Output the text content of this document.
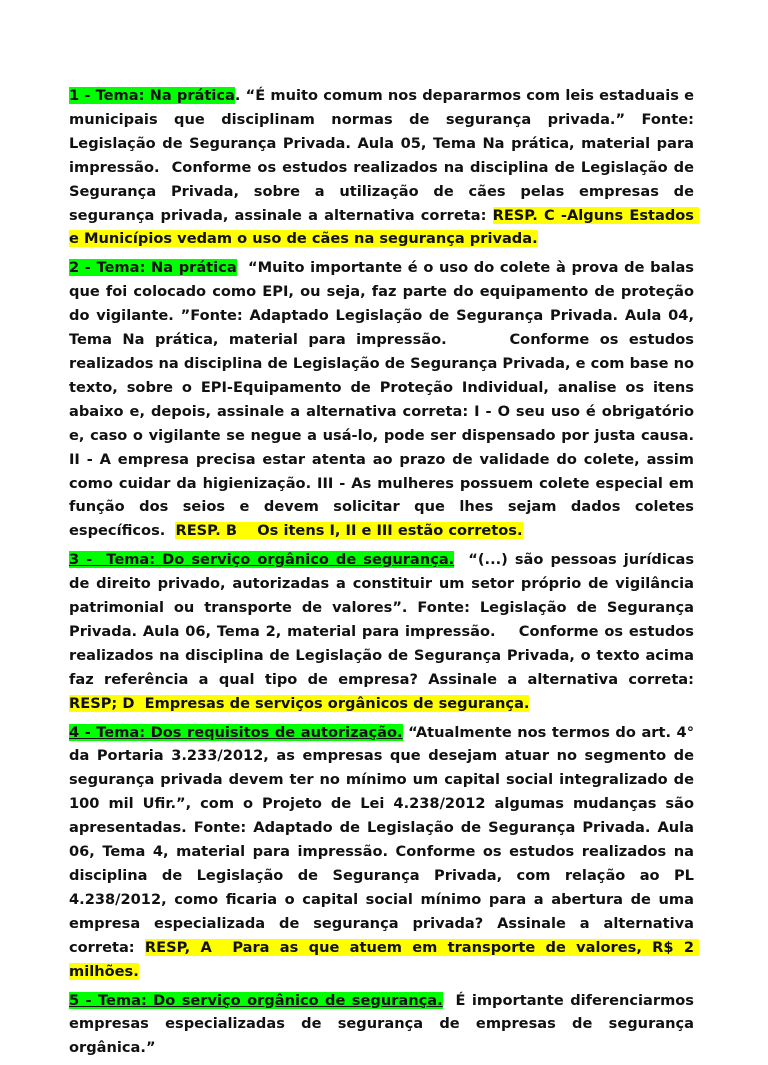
1 - Tema: Na prática. “É muito comum nos depararmos com leis estaduais e municipais que disciplinam normas de segurança privada.” Fonte: Legislação de Segurança Privada. Aula 05, Tema Na prática, material para impressão.  Conforme os estudos realizados na disciplina de Legislação de Segurança Privada, sobre a utilização de cães pelas empresas de segurança privada, assinale a alternativa correta: RESP. C -Alguns Estados e Municípios vedam o uso de cães na segurança privada.

2 - Tema: Na prática  “Muito importante é o uso do colete à prova de balas que foi colocado como EPI, ou seja, faz parte do equipamento de proteção do vigilante. ”Fonte: Adaptado Legislação de Segurança Privada. Aula 04, Tema Na prática, material para impressão.      Conforme os estudos realizados na disciplina de Legislação de Segurança Privada, e com base no texto, sobre o EPI-Equipamento de Proteção Individual, analise os itens abaixo e, depois, assinale a alternativa correta: I - O seu uso é obrigatório e, caso o vigilante se negue a usá-lo, pode ser dispensado por justa causa.  II - A empresa precisa estar atenta ao prazo de validade do colete, assim como cuidar da higienização. III - As mulheres possuem colete especial em função dos seios e devem solicitar que lhes sejam dados coletes específicos.  RESP. B    Os itens I, II e III estão corretos.

3 -  Tema: Do serviço orgânico de segurança.  “(...) são pessoas jurídicas de direito privado, autorizadas a constituir um setor próprio de vigilância patrimonial ou transporte de valores”. Fonte: Legislação de Segurança Privada. Aula 06, Tema 2, material para impressão.    Conforme os estudos realizados na disciplina de Legislação de Segurança Privada, o texto acima faz referência a qual tipo de empresa? Assinale a alternativa correta:   RESP; D  Empresas de serviços orgânicos de segurança.

4 - Tema: Dos requisitos de autorização. “Atualmente nos termos do art. 4° da Portaria 3.233/2012, as empresas que desejam atuar no segmento de segurança privada devem ter no mínimo um capital social integralizado de 100 mil Ufir.”, com o Projeto de Lei 4.238/2012 algumas mudanças são apresentadas. Fonte: Adaptado de Legislação de Segurança Privada. Aula 06, Tema 4, material para impressão. Conforme os estudos realizados na disciplina de Legislação de Segurança Privada, com relação ao PL 4.238/2012, como ficaria o capital social mínimo para a abertura de uma empresa especializada de segurança privada? Assinale a alternativa correta: RESP, A  Para as que atuem em transporte de valores, R$ 2 milhões.

5 - Tema: Do serviço orgânico de segurança.  É importante diferenciarmos empresas especializadas de segurança de empresas de segurança orgânica.”
